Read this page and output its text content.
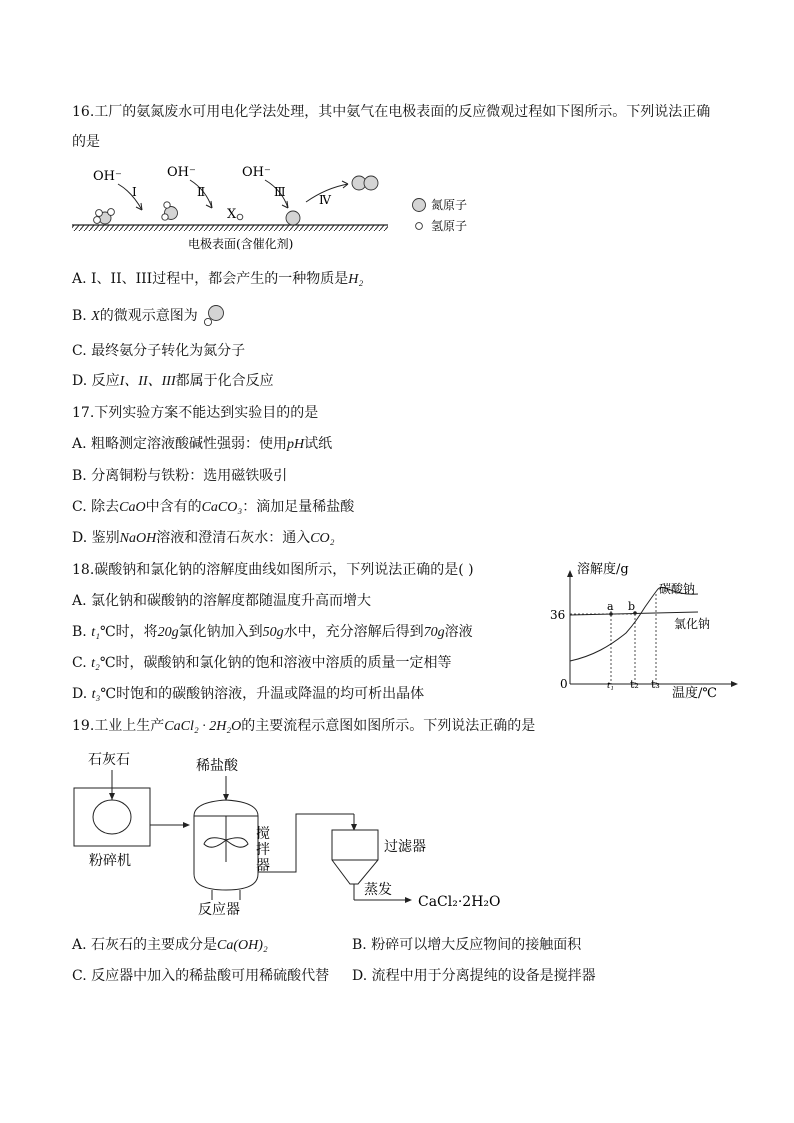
16.工厂的氨氮废水可用电化学法处理，其中氨气在电极表面的反应微观过程如下图所示。下列说法正确
的是
OH⁻	OH⁻	OH⁻
I	Ⅱ	Ⅲ
Ⅳ
X
电极表面(含催化剂)
氮原子
氢原子
A. I、II、III过程中，都会产生的一种物质是H₂
B. X的微观示意图为
C. 最终氨分子转化为氮分子
D. 反应I、II、III都属于化合反应
17.下列实验方案不能达到实验目的的是
A. 粗略测定溶液酸碱性强弱：使用pH试纸
B. 分离铜粉与铁粉：选用磁铁吸引
C. 除去CaO中含有的CaCO₃：滴加足量稀盐酸
D. 鉴别NaOH溶液和澄清石灰水：通入CO₂
18.碳酸钠和氯化钠的溶解度曲线如图所示，下列说法正确的是( )
A. 氯化钠和碳酸钠的溶解度都随温度升高而增大
B. t₁℃时，将20g氯化钠加入到50g水中，充分溶解后得到70g溶液
C. t₂℃时，碳酸钠和氯化钠的饱和溶液中溶质的质量一定相等
D. t₃℃时饱和的碳酸钠溶液，升温或降温的均可析出晶体
溶解度/g
温度/℃
0
36
a b
t₁ t₂ t₃
碳酸钠
氯化钠
19.工业上生产CaCl₂ · 2H₂O的主要流程示意图如图所示。下列说法正确的是
石灰石
粉碎机
稀盐酸
搅
拌
器
反应器
过滤器
蒸发
CaCl₂·2H₂O
A. 石灰石的主要成分是Ca(OH)₂	B. 粉碎可以增大反应物间的接触面积
C. 反应器中加入的稀盐酸可用稀硫酸代替 D. 流程中用于分离提纯的设备是搅拌器
